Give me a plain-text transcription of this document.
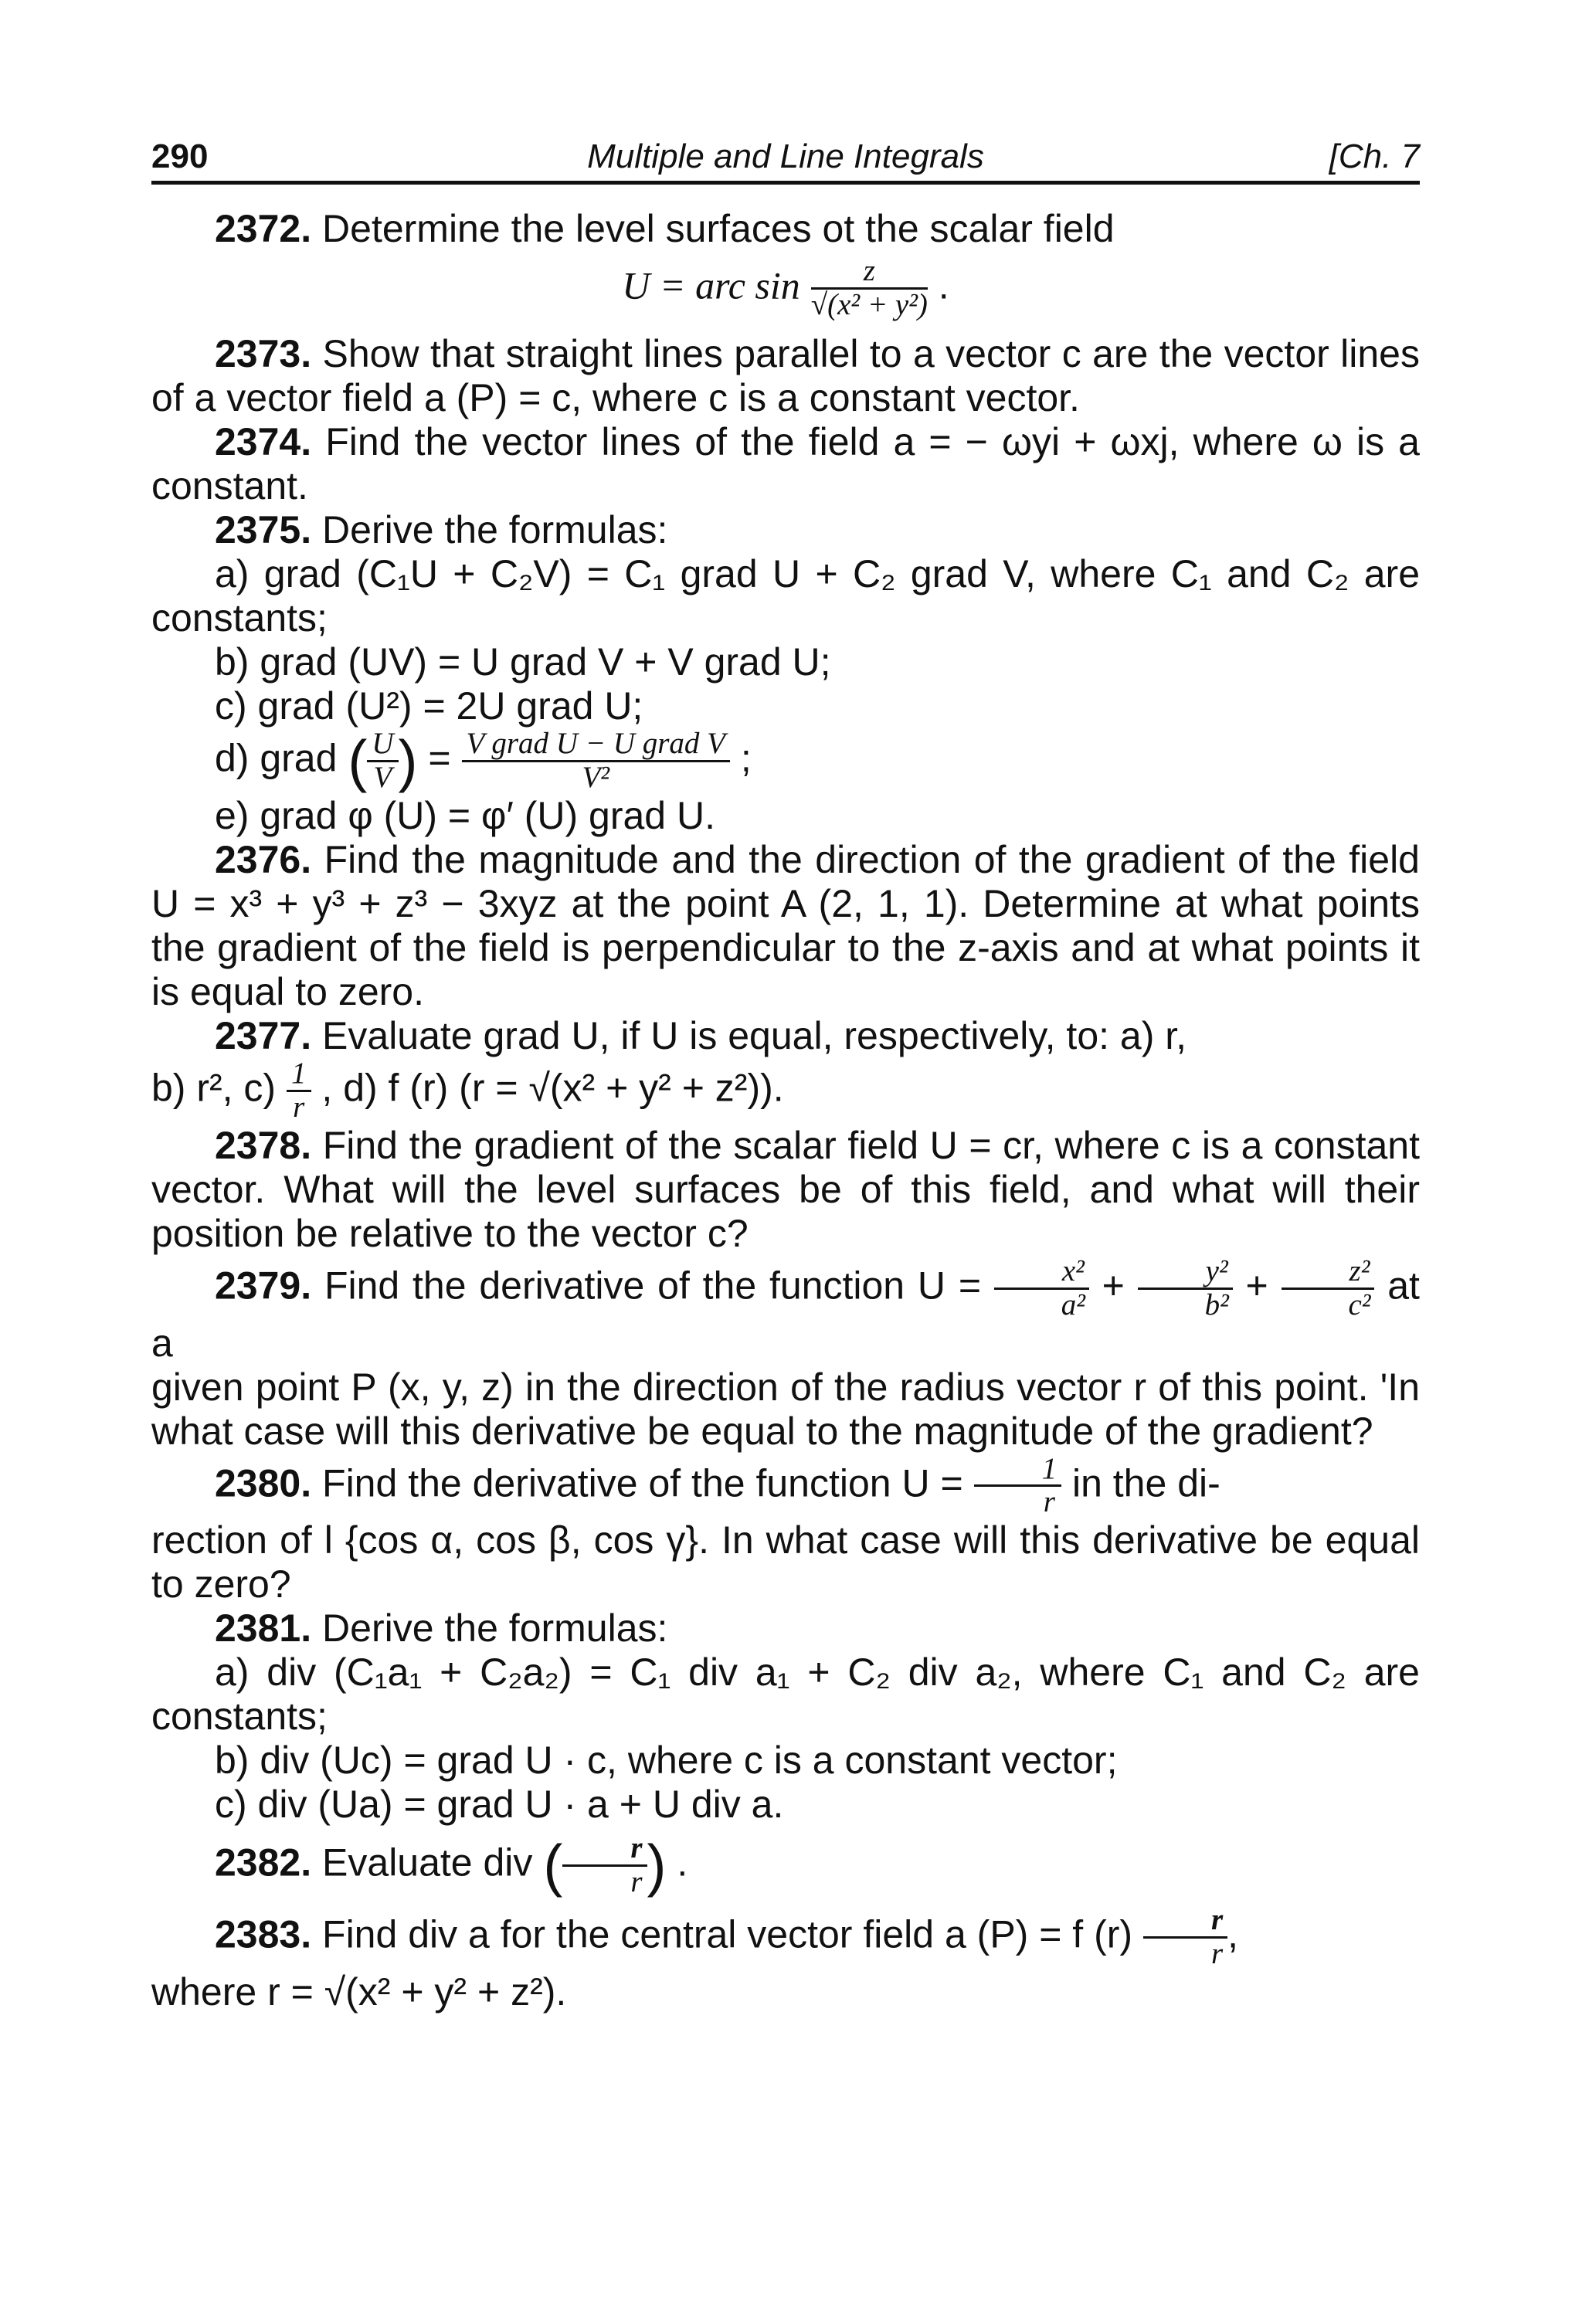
290	Multiple and Line Integrals	[Ch. 7

2372. Determine the level surfaces ot the scalar field

U = arc $\sin \frac{z}{\text{√(x² + y²)}}$ .

2373. Show that straight lines parallel to a vector c are the vector lines of a vector field a (P) = c, where c is a constant vector.

2374. Find the vector lines of the field a = − ωyi + ωxj, where ω is a constant.

2375. Derive the formulas:

a) grad (C₁U + C₂V) = C₁ grad U + C₂ grad V, where C₁ and C₂ are constants;

b) grad (UV) = U grad V + V grad U;

c) grad (U²) = 2U grad U;

d) grad ( $\frac{U}{V}$ ) = $\frac{\text{V grad U − U grad V}}{\text{V²}}$ ;

e) grad φ (U) = φ′ (U) grad U.

2376. Find the magnitude and the direction of the gradient of the field U = x³ + y³ + z³ − 3xyz at the point A (2, 1, 1). Determine at what points the gradient of the field is perpendicular to the z-axis and at what points it is equal to zero.

2377. Evaluate grad U, if U is equal, respectively, to: a) r,

b) r², $c) \frac{1}{r}$ , d) f (r) (r = √(x² + y² + z²)).

2378. Find the gradient of the scalar field U = cr, where c is a constant vector. What will the level surfaces be of this field, and what will their position be relative to the vector c?

2379. Find the derivative of the function $U = \frac{\text{x²}}{\text{a²}} + \frac{\text{y²}}{\text{b²}} + \frac{\text{z²}}{\text{c²}}$ at a

given point P (x, y, z) in the direction of the radius vector r of this point. 'In what case will this derivative be equal to the magnitude of the gradient?

2380. Find the derivative of the function $U = \frac{1}{r}$ in the di-

rection of l {cos α, cos β, cos γ}. In what case will this derivative be equal to zero?

2381. Derive the formulas:

a) div (C₁a₁ + C₂a₂) = C₁ div a₁ + C₂ div a₂, where C₁ and C₂ are constants;

b) div (Uc) = grad U · c, where c is a constant vector;

c) div (Ua) = grad U · a + U div a.

2382. Evaluate div ( $\frac{r}{r}$ ) .

2383. Find div a for the central vector field a (P) = f $(r) \frac{r}{r}$ ,

where r = √(x² + y² + z²).
